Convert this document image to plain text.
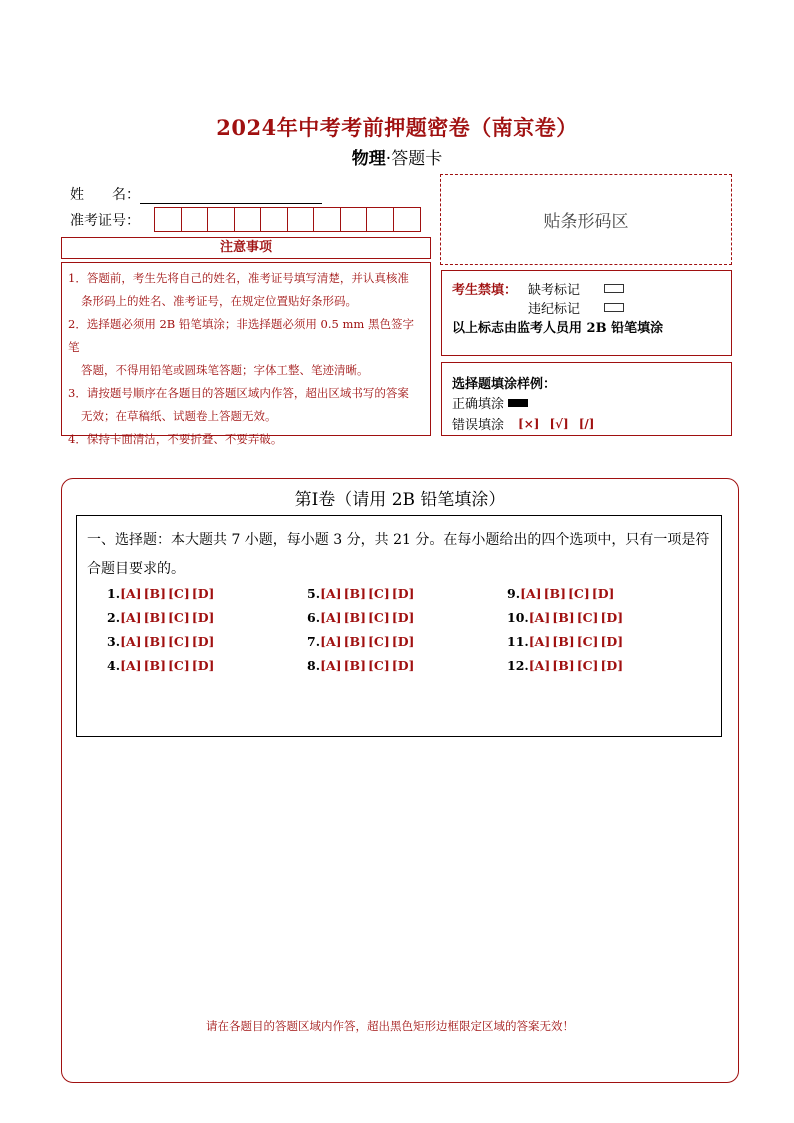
2024年中考考前押题密卷（南京卷）
物理·答题卡
姓　　名：
准考证号：
注意事项
1．答题前，考生先将自己的姓名，准考证号填写清楚，并认真核准
条形码上的姓名、准考证号，在规定位置贴好条形码。
2．选择题必须用 2B 铅笔填涂；非选择题必须用 0.5 mm 黑色签字笔
答题，不得用铅笔或圆珠笔答题；字体工整、笔迹清晰。
3．请按题号顺序在各题目的答题区域内作答，超出区域书写的答案
无效；在草稿纸、试题卷上答题无效。
4．保持卡面清洁，不要折叠、不要弄破。
贴条形码区
考生禁填： 缺考标记
违纪标记
以上标志由监考人员用 2B 铅笔填涂
选择题填涂样例：
正确填涂
错误填涂 [×] [√] [/]
第Ⅰ卷（请用 2B 铅笔填涂）
一、选择题：本大题共 7 小题，每小题 3 分，共 21 分。在每小题给出的四个选项中，只有一项是符合题目要求的。
1.[A] [B] [C] [D]	5.[A] [B] [C] [D]	9.[A] [B] [C] [D]
2.[A] [B] [C] [D]	6.[A] [B] [C] [D]	10.[A] [B] [C] [D]
3.[A] [B] [C] [D]	7.[A] [B] [C] [D]	11.[A] [B] [C] [D]
4.[A] [B] [C] [D]	8.[A] [B] [C] [D]	12.[A] [B] [C] [D]
请在各题目的答题区域内作答，超出黑色矩形边框限定区域的答案无效！
